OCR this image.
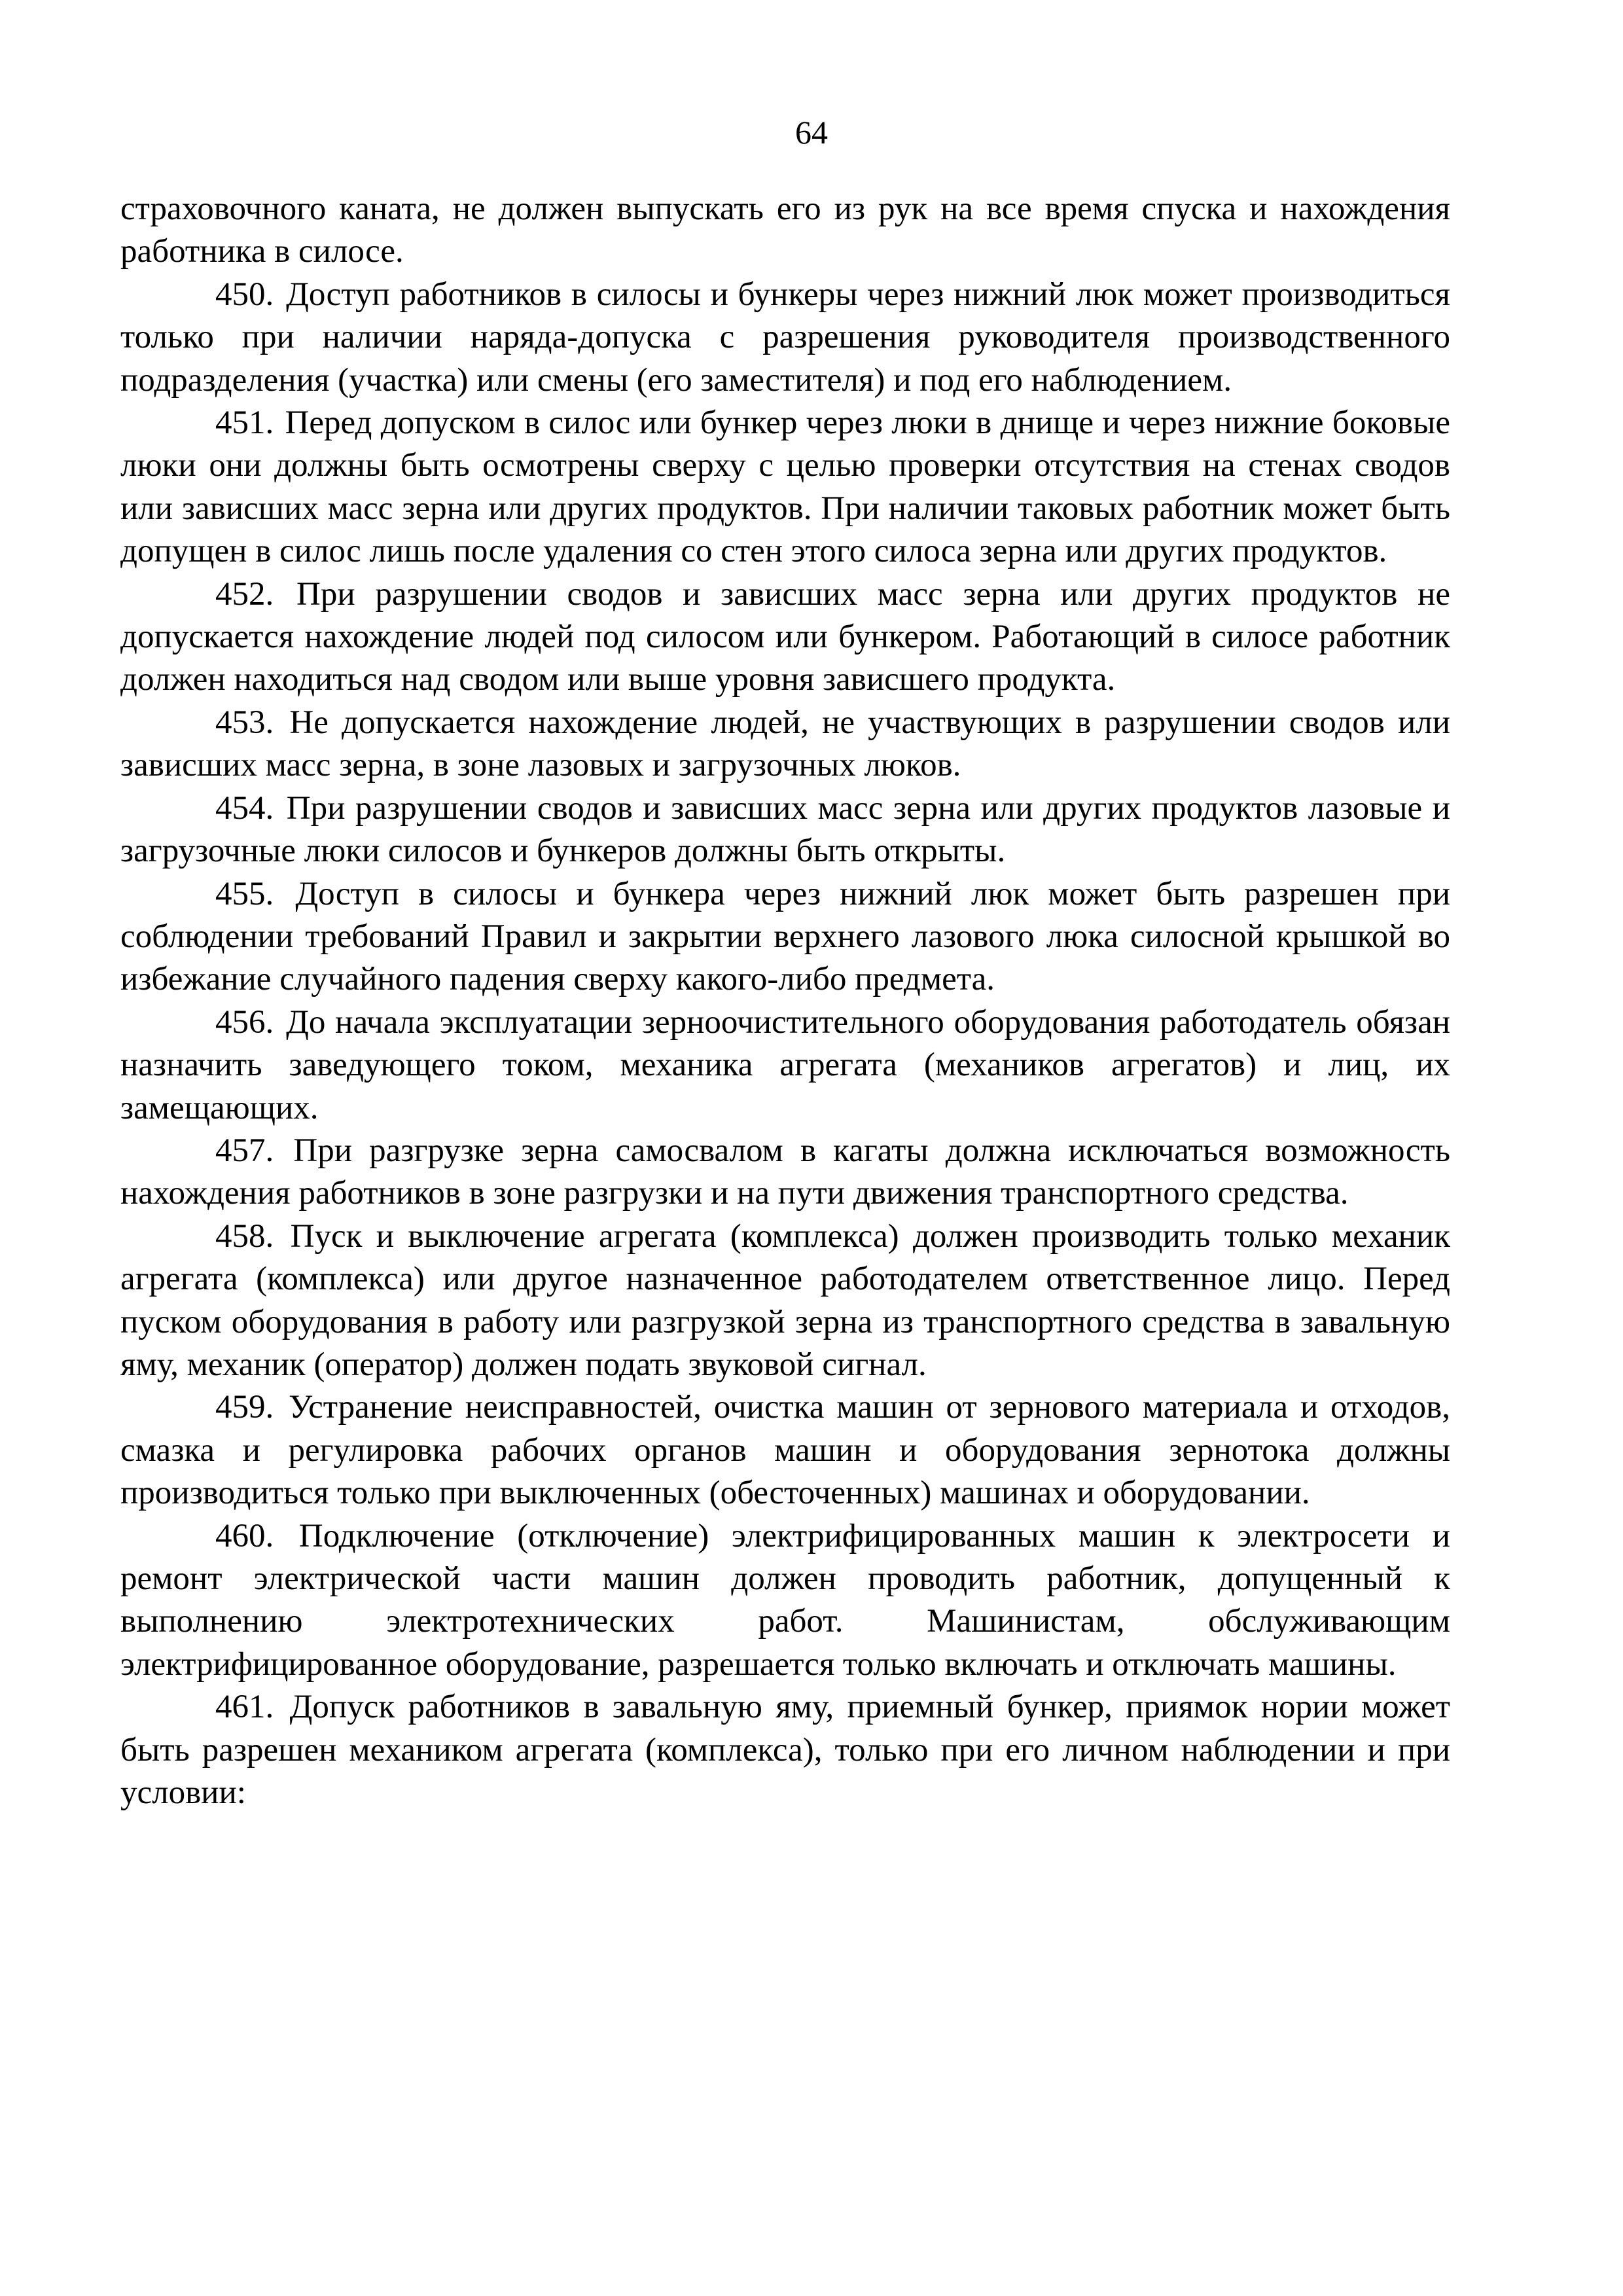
64

страховочного каната, не должен выпускать его из рук на все время спуска и нахождения работника в силосе.

450. Доступ работников в силосы и бункеры через нижний люк может производиться только при наличии наряда-допуска с разрешения руководителя производственного подразделения (участка) или смены (его заместителя) и под его наблюдением.

451. Перед допуском в силос или бункер через люки в днище и через нижние боковые люки они должны быть осмотрены сверху с целью проверки отсутствия на стенах сводов или зависших масс зерна или других продуктов. При наличии таковых работник может быть допущен в силос лишь после удаления со стен этого силоса зерна или других продуктов.

452. При разрушении сводов и зависших масс зерна или других продуктов не допускается нахождение людей под силосом или бункером. Работающий в силосе работник должен находиться над сводом или выше уровня зависшего продукта.

453. Не допускается нахождение людей, не участвующих в разрушении сводов или зависших масс зерна, в зоне лазовых и загрузочных люков.

454. При разрушении сводов и зависших масс зерна или других продуктов лазовые и загрузочные люки силосов и бункеров должны быть открыты.

455. Доступ в силосы и бункера через нижний люк может быть разрешен при соблюдении требований Правил и закрытии верхнего лазового люка силосной крышкой во избежание случайного падения сверху какого-либо предмета.

456. До начала эксплуатации зерноочистительного оборудования работодатель обязан назначить заведующего током, механика агрегата (механиков агрегатов) и лиц, их замещающих.

457. При разгрузке зерна самосвалом в кагаты должна исключаться возможность нахождения работников в зоне разгрузки и на пути движения транспортного средства.

458. Пуск и выключение агрегата (комплекса) должен производить только механик агрегата (комплекса) или другое назначенное работодателем ответственное лицо. Перед пуском оборудования в работу или разгрузкой зерна из транспортного средства в завальную яму, механик (оператор) должен подать звуковой сигнал.

459. Устранение неисправностей, очистка машин от зернового материала и отходов, смазка и регулировка рабочих органов машин и оборудования зернотока должны производиться только при выключенных (обесточенных) машинах и оборудовании.

460. Подключение (отключение) электрифицированных машин к электросети и ремонт электрической части машин должен проводить работник, допущенный к выполнению электротехнических работ. Машинистам, обслуживающим электрифицированное оборудование, разрешается только включать и отключать машины.

461. Допуск работников в завальную яму, приемный бункер, приямок нории может быть разрешен механиком агрегата (комплекса), только при его личном наблюдении и при условии:
